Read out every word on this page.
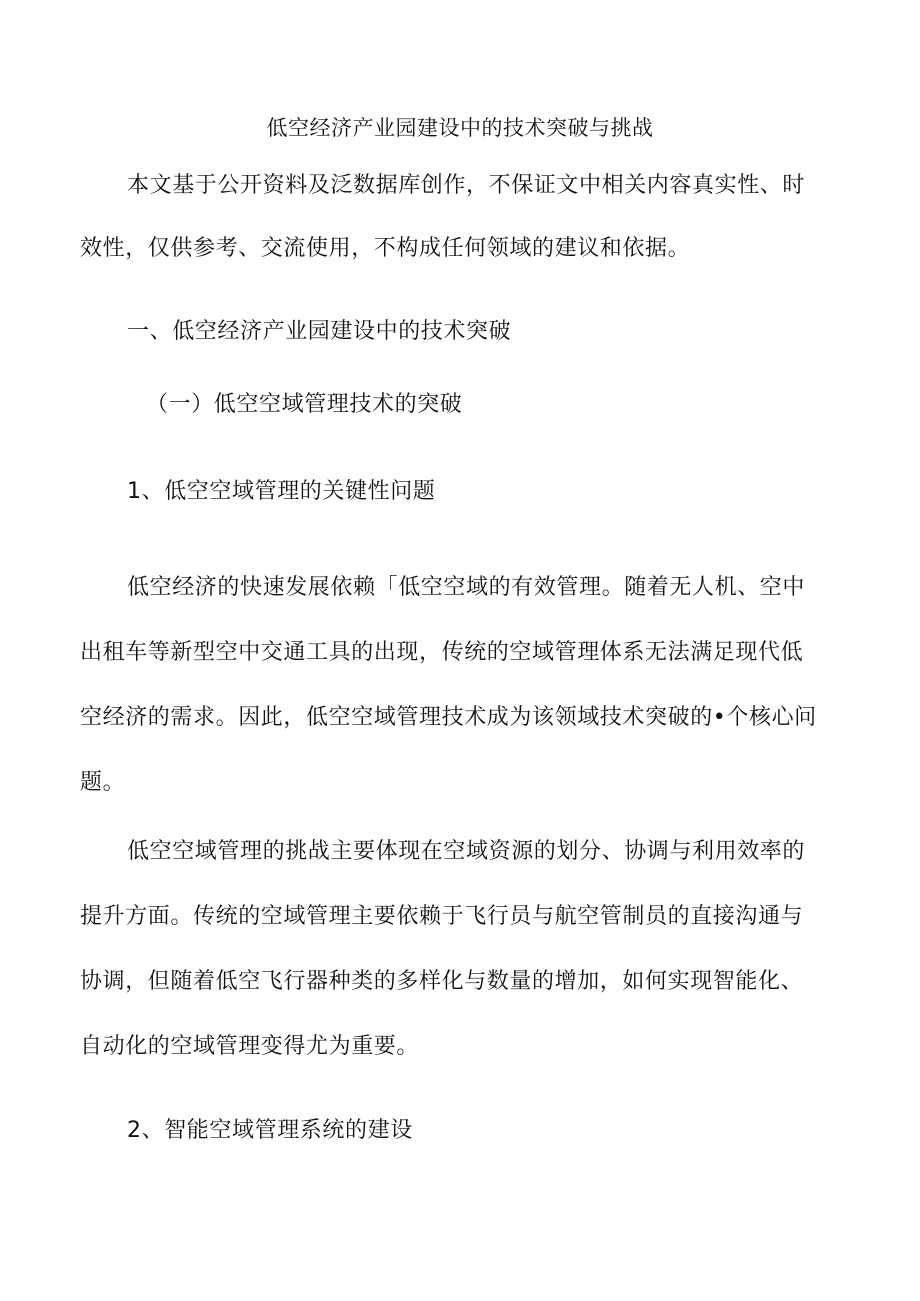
低空经济产业园建设中的技术突破与挑战
本文基于公开资料及泛数据库创作，不保证文中相关内容真实性、时
效性，仅供参考、交流使用，不构成任何领域的建议和依据。
一、低空经济产业园建设中的技术突破
（一）低空空域管理技术的突破
1、低空空域管理的关键性问题
低空经济的快速发展依赖「低空空域的有效管理。随着无人机、空中
出租车等新型空中交通工具的出现，传统的空域管理体系无法满足现代低
空经济的需求。因此，低空空域管理技术成为该领域技术突破的•个核心问
题。
低空空域管理的挑战主要体现在空域资源的划分、协调与利用效率的
提升方面。传统的空域管理主要依赖于飞行员与航空管制员的直接沟通与
协调，但随着低空飞行器种类的多样化与数量的增加，如何实现智能化、
自动化的空域管理变得尤为重要。
2、智能空域管理系统的建设
